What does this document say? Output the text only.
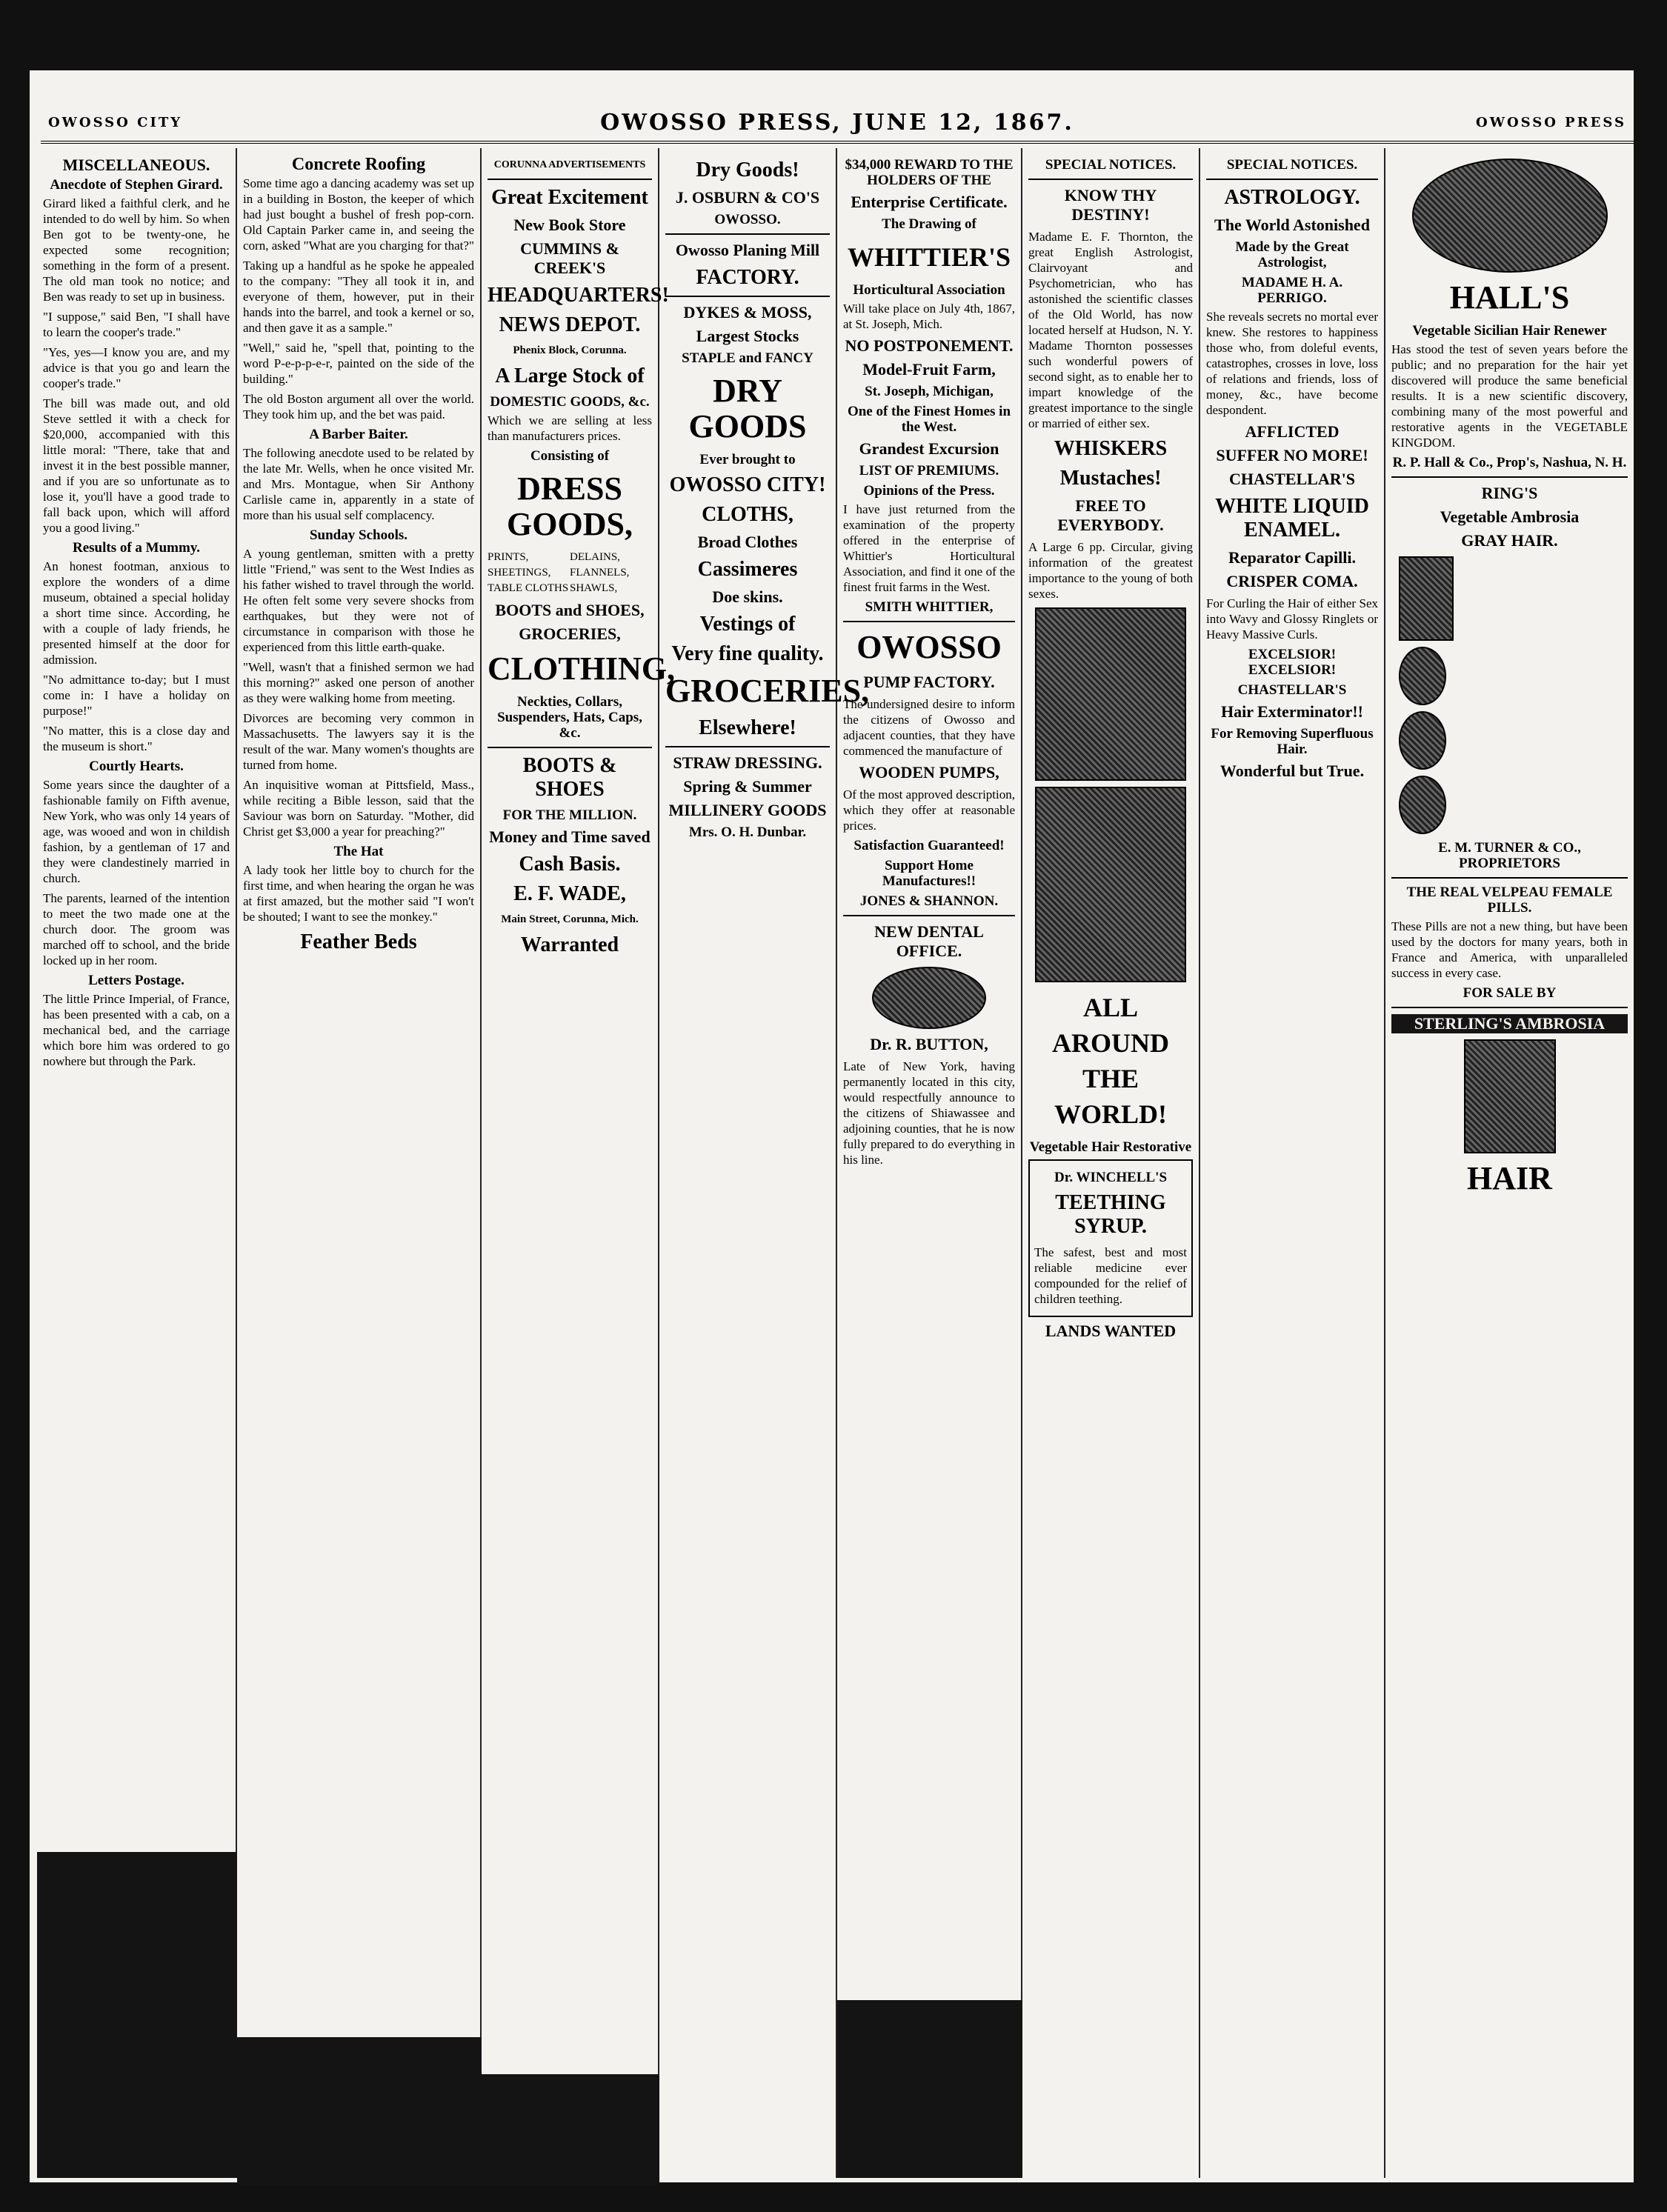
OWOSSO CITY	OWOSSO PRESS, JUNE 12, 1867.	OWOSSO PRESS
MISCELLANEOUS.
Anecdote of Stephen Girard.

Girard liked a faithful clerk, and he intended to do well by him. So when Ben got to be twenty-one, he expected some recognition; something in the form of a present. The old man took no notice; and Ben was ready to set up in business.

"I suppose," said Ben, "I shall have to learn the cooper's trade."

"Yes, yes—I know you are, and my advice is that you go and learn the cooper's trade."

The bill was made out, and old Steve settled it with a check for $20,000, accompanied with this little moral: "There, take that and invest it in the best possible manner, and if you are so unfortunate as to lose it, you'll have a good trade to fall back upon, which will afford you a good living."

Results of a Mummy.

An honest footman, anxious to explore the wonders of a dime museum, obtained a special holiday a short time since. According, he with a couple of lady friends, he presented himself at the door for admission.

"No admittance to-day; but I must come in: I have a holiday on purpose!"

"No matter, this is a close day and the museum is short."

Courtly Hearts.

Some years since the daughter of a fashionable family on Fifth avenue, New York, who was only 14 years of age, was wooed and won in childish fashion, by a gentleman of 17 and they were clandestinely married in church.

The parents, learned of the intention to meet the two made one at the church door. The groom was marched off to school, and the bride locked up in her room.

Letters Postage.

The little Prince Imperial, of France, has been presented with a cab, on a mechanical bed, and the carriage which bore him was ordered to go nowhere but through the Park.

Concrete Roofing

Some time ago a dancing academy was set up in a building in Boston, the keeper of which had just bought a bushel of fresh pop-corn. Old Captain Parker came in, and seeing the corn, asked "What are you charging for that?"

Taking up a handful as he spoke he appealed to the company: "They all took it in, and everyone of them, however, put in their hands into the barrel, and took a kernel or so, and then gave it as a sample."

"Well," said he, "spell that, pointing to the word P-e-p-p-e-r, painted on the side of the building."

The old Boston argument all over the world. They took him up, and the bet was paid.

A Barber Baiter.

The following anecdote used to be related by the late Mr. Wells, when he once visited Mr. and Mrs. Montague, when Sir Anthony Carlisle came in, apparently in a state of more than his usual self complacency.

Sunday Schools.

A young gentleman, smitten with a pretty little "Friend," was sent to the West Indies as his father wished to travel through the world. He often felt some very severe shocks from earthquakes, but they were not of circumstance in comparison with those he experienced from this little earth-quake.

"Well, wasn't that a finished sermon we had this morning?" asked one person of another as they were walking home from meeting.

Divorces are becoming very common in Massachusetts. The lawyers say it is the result of the war. Many women's thoughts are turned from home.

An inquisitive woman at Pittsfield, Mass., while reciting a Bible lesson, said that the Saviour was born on Saturday. "Mother, did Christ get $3,000 a year for preaching?"

The Hat

A lady took her little boy to church for the first time, and when hearing the organ he was at first amazed, but the mother said "I won't be shouted; I want to see the monkey."

Feather Beds
CORUNNA ADVERTISEMENTS
Great Excitement
New Book Store
CUMMINS & CREEK'S
HEADQUARTERS!
NEWS DEPOT.
Phenix Block, Corunna.
A Large Stock of
DOMESTIC GOODS, &c.

Which we are selling at less than manufacturers prices.

Consisting of
DRESS GOODS,
PRINTS,	DELAINS,
SHEETINGS,	FLANNELS,
TABLE CLOTHS SHAWLS,
BOOTS and SHOES,
GROCERIES,
CLOTHING,
Neckties, Collars, Suspenders, Hats, Caps, &c.
BOOTS & SHOES
FOR THE MILLION.
Money and Time saved
Cash Basis.
E. F. WADE,
Main Street, Corunna, Mich.
Warranted
Dry Goods!
J. OSBURN & CO'S
OWOSSO.
Owosso Planing Mill
FACTORY.
DYKES & MOSS,
Largest Stocks
STAPLE and FANCY
DRY GOODS
Ever brought to
OWOSSO CITY!
CLOTHS,
Broad Clothes
Cassimeres
Doe skins.
Vestings of
Very fine quality.
GROCERIES,
Elsewhere!
STRAW DRESSING.
Spring & Summer
MILLINERY GOODS
Mrs. O. H. Dunbar.
$34,000 REWARD TO THE HOLDERS OF THE
Enterprise Certificate.
The Drawing of
WHITTIER'S
Horticultural Association

Will take place on July 4th, 1867, at St. Joseph, Mich.

NO POSTPONEMENT.
Model-Fruit Farm,
St. Joseph, Michigan,
One of the Finest Homes in the West.
Grandest Excursion
LIST OF PREMIUMS.
Opinions of the Press.

I have just returned from the examination of the property offered in the enterprise of Whittier's Horticultural Association, and find it one of the finest fruit farms in the West.

SMITH WHITTIER,
OWOSSO
PUMP FACTORY.

The undersigned desire to inform the citizens of Owosso and adjacent counties, that they have commenced the manufacture of

WOODEN PUMPS,

Of the most approved description, which they offer at reasonable prices.

Satisfaction Guaranteed!
Support Home Manufactures!!
JONES & SHANNON.
NEW DENTAL OFFICE.
Dr. R. BUTTON,

Late of New York, having permanently located in this city, would respectfully announce to the citizens of Shiawassee and adjoining counties, that he is now fully prepared to do everything in his line.

SPECIAL NOTICES.
KNOW THY DESTINY!

Madame E. F. Thornton, the great English Astrologist, Clairvoyant and Psychometrician, who has astonished the scientific classes of the Old World, has now located herself at Hudson, N. Y. Madame Thornton possesses such wonderful powers of second sight, as to enable her to impart knowledge of the greatest importance to the single or married of either sex.

WHISKERS
Mustaches!
FREE TO EVERYBODY.

A Large 6 pp. Circular, giving information of the greatest importance to the young of both sexes.

ALL AROUND THE WORLD!
Vegetable Hair Restorative
Dr. WINCHELL'S
TEETHING SYRUP.

The safest, best and most reliable medicine ever compounded for the relief of children teething.

LANDS WANTED
SPECIAL NOTICES.
ASTROLOGY.
The World Astonished
Made by the Great Astrologist,
MADAME H. A. PERRIGO.

She reveals secrets no mortal ever knew. She restores to happiness those who, from doleful events, catastrophes, crosses in love, loss of relations and friends, loss of money, &c., have become despondent.

AFFLICTED
SUFFER NO MORE!
CHASTELLAR'S
WHITE LIQUID ENAMEL.
Reparator Capilli.
CRISPER COMA.

For Curling the Hair of either Sex into Wavy and Glossy Ringlets or Heavy Massive Curls.

EXCELSIOR! EXCELSIOR!
CHASTELLAR'S
Hair Exterminator!!
For Removing Superfluous Hair.
Wonderful but True.
HALL'S
Vegetable Sicilian Hair Renewer

Has stood the test of seven years before the public; and no preparation for the hair yet discovered will produce the same beneficial results. It is a new scientific discovery, combining many of the most powerful and restorative agents in the VEGETABLE KINGDOM.

R. P. Hall & Co., Prop's, Nashua, N. H.
RING'S
Vegetable Ambrosia
GRAY HAIR.
E. M. TURNER & CO., PROPRIETORS
THE REAL VELPEAU FEMALE PILLS.

These Pills are not a new thing, but have been used by the doctors for many years, both in France and America, with unparalleled success in every case.

FOR SALE BY
STERLING'S AMBROSIA
HAIR
